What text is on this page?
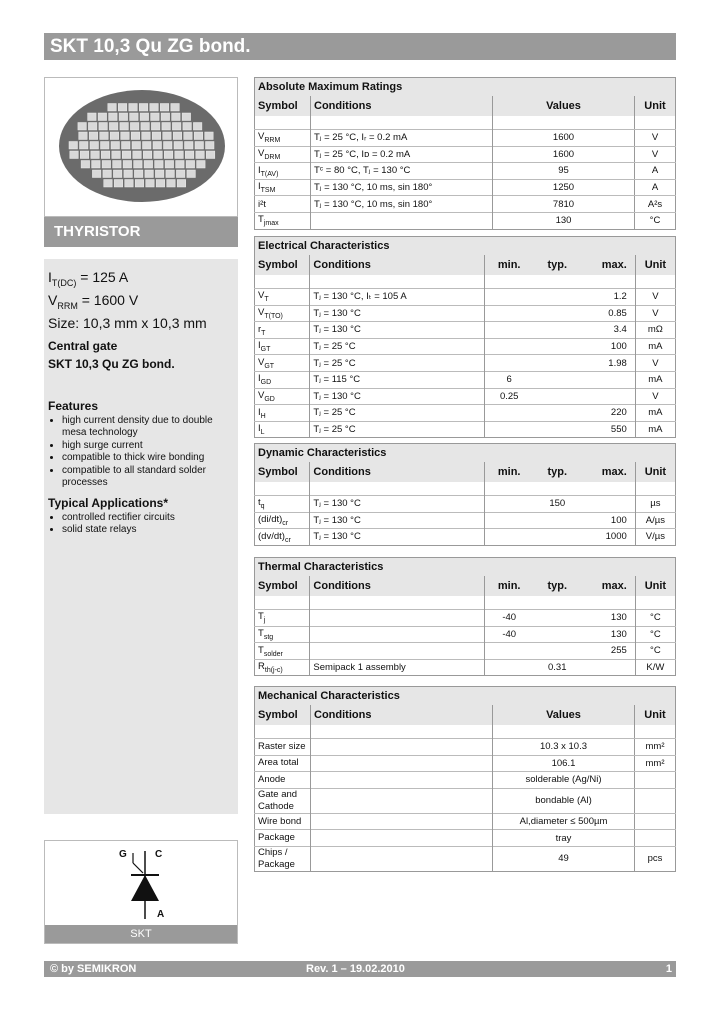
SKT 10,3 Qu ZG bond.
THYRISTOR
$I_{T(DC)} = 125$ A
$V_{RRM} = 1600$ V
Size: 10,3 mm x 10,3 mm
Central gate
SKT 10,3 Qu ZG bond.
Features
• high current density due to double mesa technology
• high surge current
• compatible to thick wire bonding
• compatible to all standard solder processes
Typical Applications*
• controlled rectifier circuits
• solid state relays
G	C
A
SKT
Absolute Maximum Ratings			
Symbol	Conditions	Values	Unit

$V_{RRM}$	Tⱼ = 25 °C, Iᵣ = 0.2 mA	1600	V
$V_{DRM}$	Tⱼ = 25 °C, Iᴅ = 0.2 mA	1600	V
$I_{T(AV)}$	Tᶜ = 80 °C, Tⱼ = 130 °C	95	A
$I_{TSM}$	Tⱼ = 130 °C, 10 ms, sin 180°	1250	A
i²t	Tⱼ = 130 °C, 10 ms, sin 180°	7810	A²s
$T_{jmax}$		130	°C
Electrical Characteristics					
Symbol	Conditions	min.	typ.	max.	Unit

$V_T$	Tⱼ = 130 °C, Iₜ = 105 A			1.2	V
$V_{T(TO)}$	Tⱼ = 130 °C			0.85	V
$r_T$	Tⱼ = 130 °C			3.4	mΩ
$I_{GT}$	Tⱼ = 25 °C			100	mA
$V_{GT}$	Tⱼ = 25 °C			1.98	V
$I_{GD}$	Tⱼ = 115 °C	6			mA
$V_{GD}$	Tⱼ = 130 °C	0.25			V
$I_H$	Tⱼ = 25 °C			220	mA
$I_L$	Tⱼ = 25 °C			550	mA
Dynamic Characteristics					
Symbol	Conditions	min.	typ.	max.	Unit

$t_q$	Tⱼ = 130 °C		150		µs
$(di/dt)_{cr}$	Tⱼ = 130 °C			100	A/µs
$(dv/dt)_{cr}$	Tⱼ = 130 °C			1000	V/µs
Thermal Characteristics					
Symbol	Conditions	min.	typ.	max.	Unit

$T_j$		-40		130	°C
$T_{stg}$		-40		130	°C
$T_{solder}$				255	°C
$R_{th(j-c)}$	Semipack 1 assembly		0.31		K/W
Mechanical Characteristics			
Symbol	Conditions	Values	Unit

Raster size		10.3 x 10.3	mm²
Area total		106.1	mm²
Anode		solderable (Ag/Ni)	
Gate and Cathode		bondable (Al)	
Wire bond		Al,diameter ≤ 500µm	
Package		tray	
Chips / Package		49	pcs
© by SEMIKRON	Rev. 1 – 19.02.2010	1
